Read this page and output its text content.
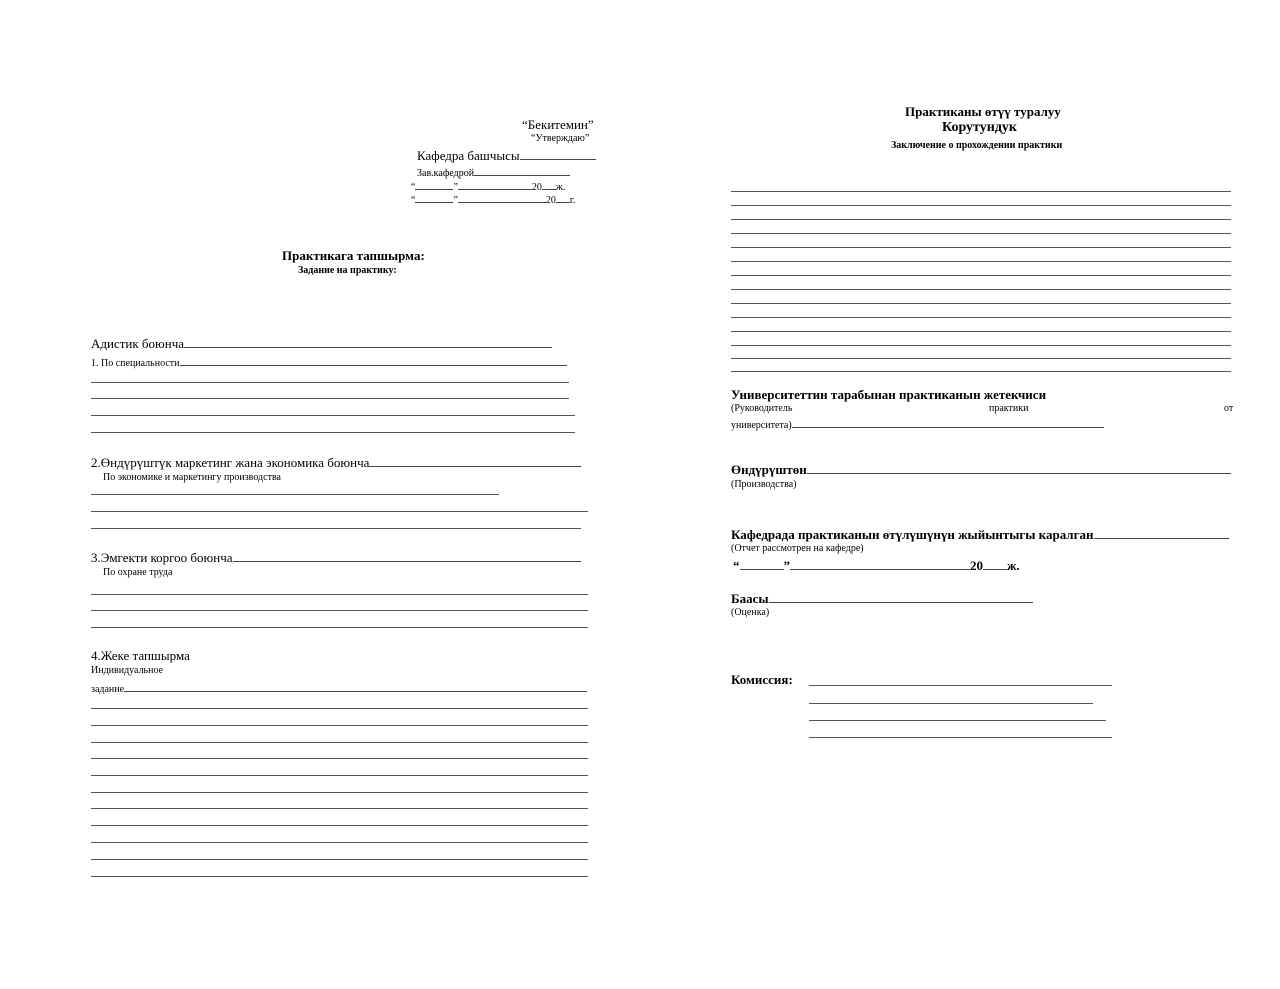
“Бекитемин”
“Утверждаю”
Кафедра башчысы
Зав.кафедрой
“	”	20 ж.
“	”	20 г.
Практикага тапшырма:
Задание на практику:
Адистик боюнча
1. По специальности
2.Өндүрүштүк маркетинг жана экономика боюнча
По экономике и маркетингу производства
3.Эмгекти коргоо боюнча
По охране труда
4.Жеке тапшырма
Индивидуальное
задание
Практиканы өтүү туралуу
Корутундук
Заключение о прохождении практики
Университеттин тарабынан практиканын жетекчиси
(Руководитель	практики	от
университета)
Өндүрүштөн
(Производства)
Кафедрада практиканын өтүлүшүнүн жыйынтыгы каралган
(Отчет рассмотрен на кафедре)
“	”	20 ж.
Баасы
(Оценка)
Комиссия:
